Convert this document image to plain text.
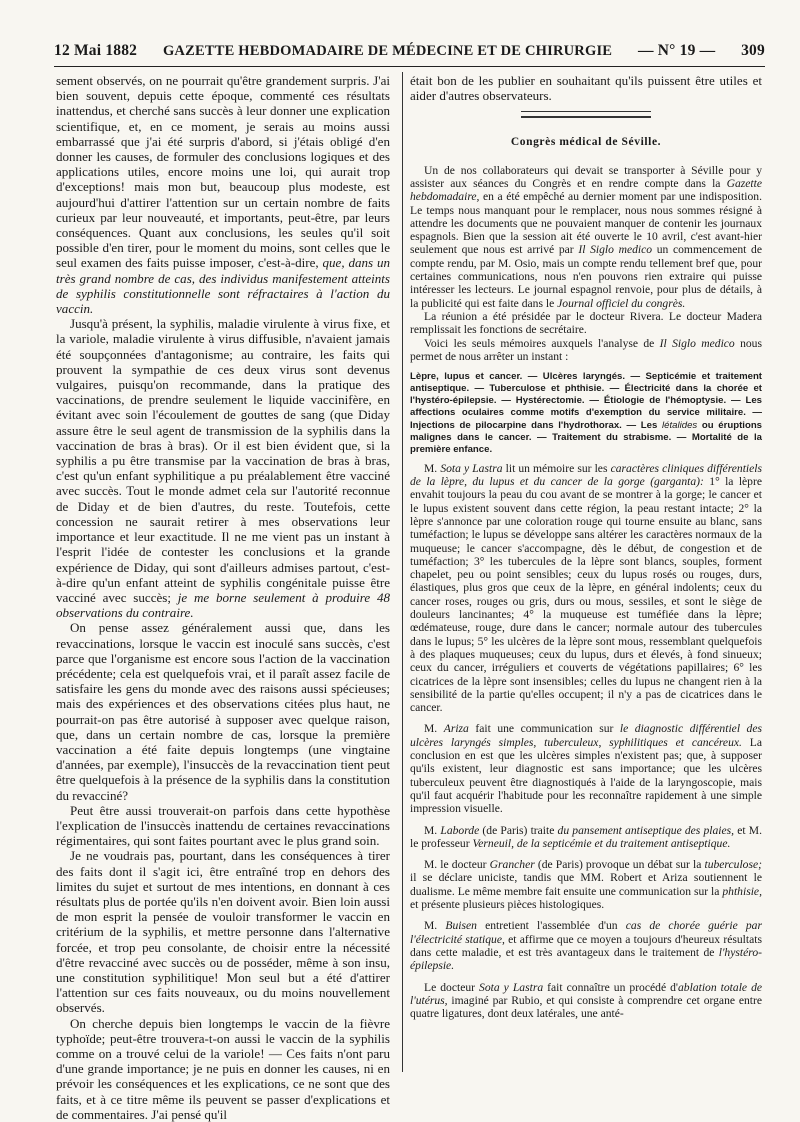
12 Mai 1882 GAZETTE HEBDOMADAIRE DE MÉDECINE ET DE CHIRURGIE — N° 19 — 309

sement observés, on ne pourrait qu'être grandement surpris. J'ai bien souvent, depuis cette époque, commenté ces résultats inattendus, et cherché sans succès à leur donner une explication scientifique, et, en ce moment, je serais au moins aussi embarrassé que j'ai été surpris d'abord, si j'étais obligé d'en donner les causes, de formuler des conclusions logiques et des applications utiles, encore moins une loi, qui aurait trop d'exceptions! mais mon but, beaucoup plus modeste, est aujourd'hui d'attirer l'attention sur un certain nombre de faits curieux par leur nouveauté, et importants, peut-être, par leurs conséquences. Quant aux conclusions, les seules qu'il soit possible d'en tirer, pour le moment du moins, sont celles que le seul examen des faits puisse imposer, c'est-à-dire, que, dans un très grand nombre de cas, des individus manifestement atteints de syphilis constitutionnelle sont réfractaires à l'action du vaccin.

Jusqu'à présent, la syphilis, maladie virulente à virus fixe, et la variole, maladie virulente à virus diffusible, n'avaient jamais été soupçonnées d'antagonisme; au contraire, les faits qui prouvent la sympathie de ces deux virus sont devenus vulgaires, puisqu'on recommande, dans la pratique des vaccinations, de prendre seulement le liquide vaccinifère, en évitant avec soin l'écoulement de gouttes de sang (que Diday assure être le seul agent de transmission de la syphilis dans la vaccination de bras à bras). Or il est bien évident que, si la syphilis a pu être transmise par la vaccination de bras à bras, c'est qu'un enfant syphilitique a pu préalablement être vacciné avec succès. Tout le monde admet cela sur l'autorité reconnue de Diday et de bien d'autres, du reste. Toutefois, cette concession ne saurait retirer à mes observations leur importance et leur exactitude. Il ne me vient pas un instant à l'esprit l'idée de contester les conclusions et la grande expérience de Diday, qui sont d'ailleurs admises partout, c'est-à-dire qu'un enfant atteint de syphilis congénitale puisse être vacciné avec succès; je me borne seulement à produire 48 observations du contraire.

On pense assez généralement aussi que, dans les revaccinations, lorsque le vaccin est inoculé sans succès, c'est parce que l'organisme est encore sous l'action de la vaccination précédente; cela est quelquefois vrai, et il paraît assez facile de satisfaire les gens du monde avec des raisons aussi spécieuses; mais des expériences et des observations citées plus haut, ne pourrait-on pas être autorisé à supposer avec quelque raison, que, dans un certain nombre de cas, lorsque la première vaccination a été faite depuis longtemps (une vingtaine d'années, par exemple), l'insuccès de la revaccination tient peut être quelquefois à la présence de la syphilis dans la constitution du revacciné?

Peut être aussi trouverait-on parfois dans cette hypothèse l'explication de l'insuccès inattendu de certaines revaccinations régimentaires, qui sont faites pourtant avec le plus grand soin.

Je ne voudrais pas, pourtant, dans les conséquences à tirer des faits dont il s'agit ici, être entraîné trop en dehors des limites du sujet et surtout de mes intentions, en donnant à ces résultats plus de portée qu'ils n'en doivent avoir. Bien loin aussi de mon esprit la pensée de vouloir transformer le vaccin en critérium de la syphilis, et mettre personne dans l'alternative forcée, et trop peu consolante, de choisir entre la nécessité d'être revacciné avec succès ou de posséder, même à son insu, une constitution syphilitique! Mon seul but a été d'attirer l'attention sur ces faits nouveaux, ou du moins nouvellement observés.

On cherche depuis bien longtemps le vaccin de la fièvre typhoïde; peut-être trouvera-t-on aussi le vaccin de la syphilis comme on a trouvé celui de la variole! — Ces faits n'ont paru d'une grande importance; je ne puis en donner les causes, ni en prévoir les conséquences et les explications, ce ne sont que des faits, et à ce titre même ils peuvent se passer d'explications et de commentaires. J'ai pensé qu'il

était bon de les publier en souhaitant qu'ils puissent être utiles et aider d'autres observateurs.

Congrès médical de Séville.

Un de nos collaborateurs qui devait se transporter à Séville pour y assister aux séances du Congrès et en rendre compte dans la Gazette hebdomadaire, en a été empêché au dernier moment par une indisposition. Le temps nous manquant pour le remplacer, nous nous sommes résigné à attendre les documents que ne pouvaient manquer de contenir les journaux espagnols. Bien que la session ait été ouverte le 10 avril, c'est avant-hier seulement que nous est arrivé par Il Siglo medico un commencement de compte rendu, par M. Osio, mais un compte rendu tellement bref que, pour certaines communications, nous n'en pouvons rien extraire qui puisse intéresser les lecteurs. Le journal espagnol renvoie, pour plus de détails, à la publicité qui est faite dans le Journal officiel du congrès.

La réunion a été présidée par le docteur Rivera. Le docteur Madera remplissait les fonctions de secrétaire.

Voici les seuls mémoires auxquels l'analyse de Il Siglo medico nous permet de nous arrêter un instant :

Lèpre, lupus et cancer. — Ulcères laryngés. — Septicémie et traitement antiseptique. — Tuberculose et phthisie. — Électricité dans la chorée et l'hystéro-épilepsie. — Hystérectomie. — Étiologie de l'hémoptysie. — Les affections oculaires comme motifs d'exemption du service militaire. — Injections de pilocarpine dans l'hydrothorax. — Les létalides ou éruptions malignes dans le cancer. — Traitement du strabisme. — Mortalité de la première enfance.

M. Sota y Lastra lit un mémoire sur les caractères cliniques différentiels de la lèpre, du lupus et du cancer de la gorge (garganta): 1° la lèpre envahit toujours la peau du cou avant de se montrer à la gorge; le cancer et le lupus existent souvent dans cette région, la peau restant intacte; 2° la lèpre s'annonce par une coloration rouge qui tourne ensuite au blanc, sans tuméfaction; le lupus se développe sans altérer les caractères normaux de la muqueuse; le cancer s'accompagne, dès le début, de congestion et de tuméfaction; 3° les tubercules de la lèpre sont blancs, souples, forment chapelet, peu ou point sensibles; ceux du lupus rosés ou rouges, durs, élastiques, plus gros que ceux de la lèpre, en général indolents; ceux du cancer roses, rouges ou gris, durs ou mous, sessiles, et sont le siège de douleurs lancinantes; 4° la muqueuse est tuméfiée dans la lèpre; œdémateuse, rouge, dure dans le cancer; normale autour des tubercules dans le lupus; 5° les ulcères de la lèpre sont mous, ressemblant quelquefois à des plaques muqueuses; ceux du lupus, durs et élevés, à fond sinueux; ceux du cancer, irréguliers et couverts de végétations papillaires; 6° les cicatrices de la lèpre sont insensibles; celles du lupus ne changent rien à la sensibilité de la partie qu'elles occupent; il n'y a pas de cicatrices dans le cancer.

M. Ariza fait une communication sur le diagnostic différentiel des ulcères laryngés simples, tuberculeux, syphilitiques et cancéreux. La conclusion en est que les ulcères simples n'existent pas; que, à supposer qu'ils existent, leur diagnostic est sans importance; que les ulcères tuberculeux peuvent être diagnostiqués à l'aide de la laryngoscopie, mais qu'il faut acquérir l'habitude pour les reconnaître rapidement à une simple impression visuelle.

M. Laborde (de Paris) traite du pansement antiseptique des plaies, et M. le professeur Verneuil, de la septicémie et du traitement antiseptique.

M. le docteur Grancher (de Paris) provoque un débat sur la tuberculose; il se déclare uniciste, tandis que MM. Robert et Ariza soutiennent le dualisme. Le même membre fait ensuite une communication sur la phthisie, et présente plusieurs pièces histologiques.

M. Buisen entretient l'assemblée d'un cas de chorée guérie par l'électricité statique, et affirme que ce moyen a toujours d'heureux résultats dans cette maladie, et est très avantageux dans le traitement de l'hystéro-épilepsie.

Le docteur Sota y Lastra fait connaître un procédé d'ablation totale de l'utérus, imaginé par Rubio, et qui consiste à comprendre cet organe entre quatre ligatures, dont deux latérales, une anté-
